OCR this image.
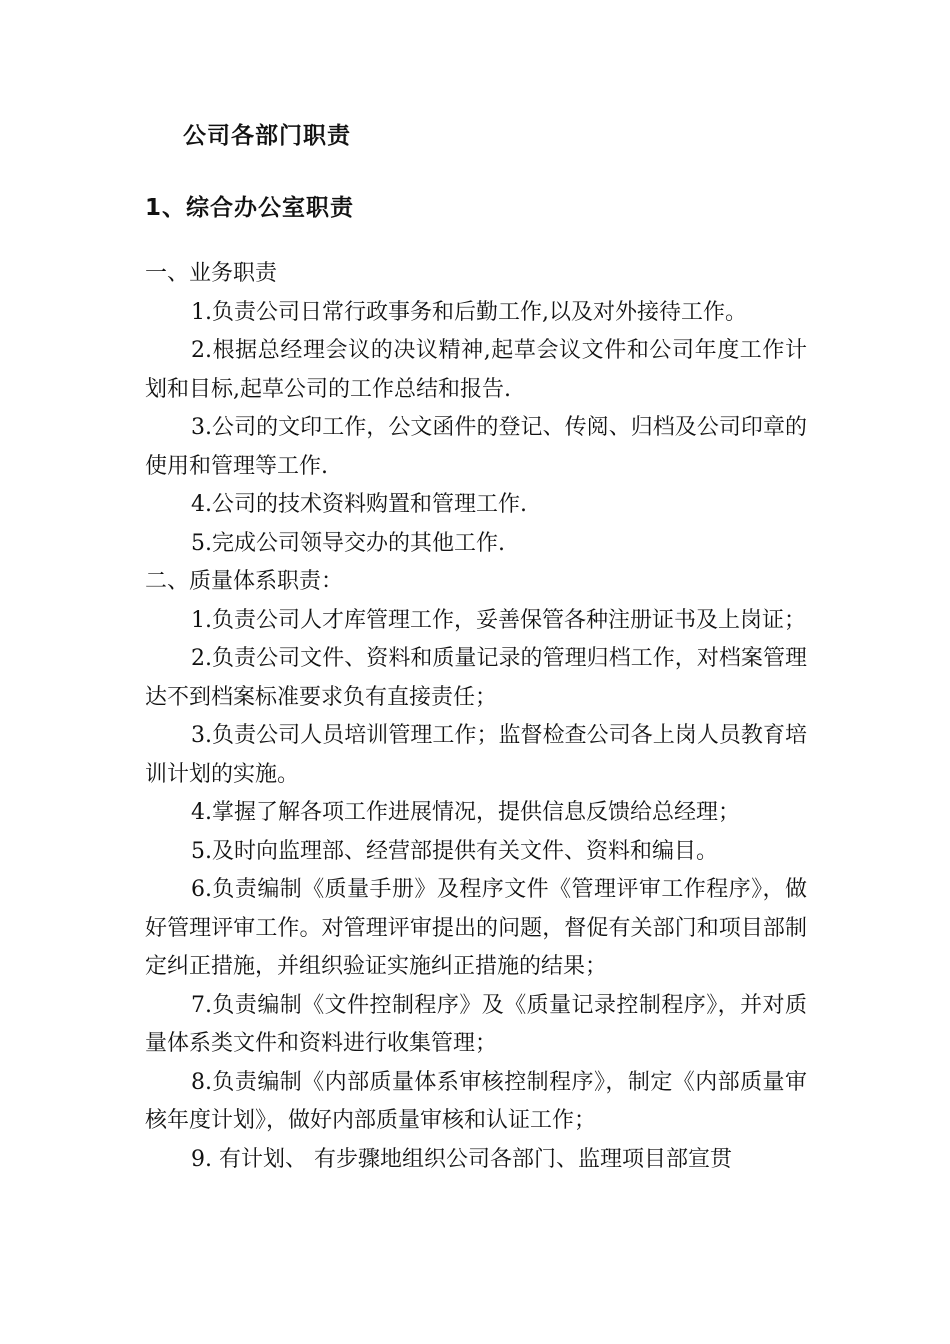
公司各部门职责
1、综合办公室职责

一、业务职责

1.负责公司日常行政事务和后勤工作,以及对外接待工作。

2.根据总经理会议的决议精神,起草会议文件和公司年度工作计划和目标,起草公司的工作总结和报告.

3.公司的文印工作，公文函件的登记、传阅、归档及公司印章的使用和管理等工作.

4.公司的技术资料购置和管理工作.

5.完成公司领导交办的其他工作.

二、质量体系职责：

1.负责公司人才库管理工作，妥善保管各种注册证书及上岗证；

2.负责公司文件、资料和质量记录的管理归档工作，对档案管理达不到档案标准要求负有直接责任；

3.负责公司人员培训管理工作；监督检查公司各上岗人员教育培训计划的实施。

4.掌握了解各项工作进展情况，提供信息反馈给总经理；

5.及时向监理部、经营部提供有关文件、资料和编目。

6.负责编制《质量手册》及程序文件《管理评审工作程序》，做好管理评审工作。对管理评审提出的问题，督促有关部门和项目部制定纠正措施，并组织验证实施纠正措施的结果；

7.负责编制《文件控制程序》及《质量记录控制程序》，并对质量体系类文件和资料进行收集管理；

8.负责编制《内部质量体系审核控制程序》，制定《内部质量审核年度计划》，做好内部质量审核和认证工作；

9. 有计划、 有步骤地组织公司各部门、监理项目部宣贯
